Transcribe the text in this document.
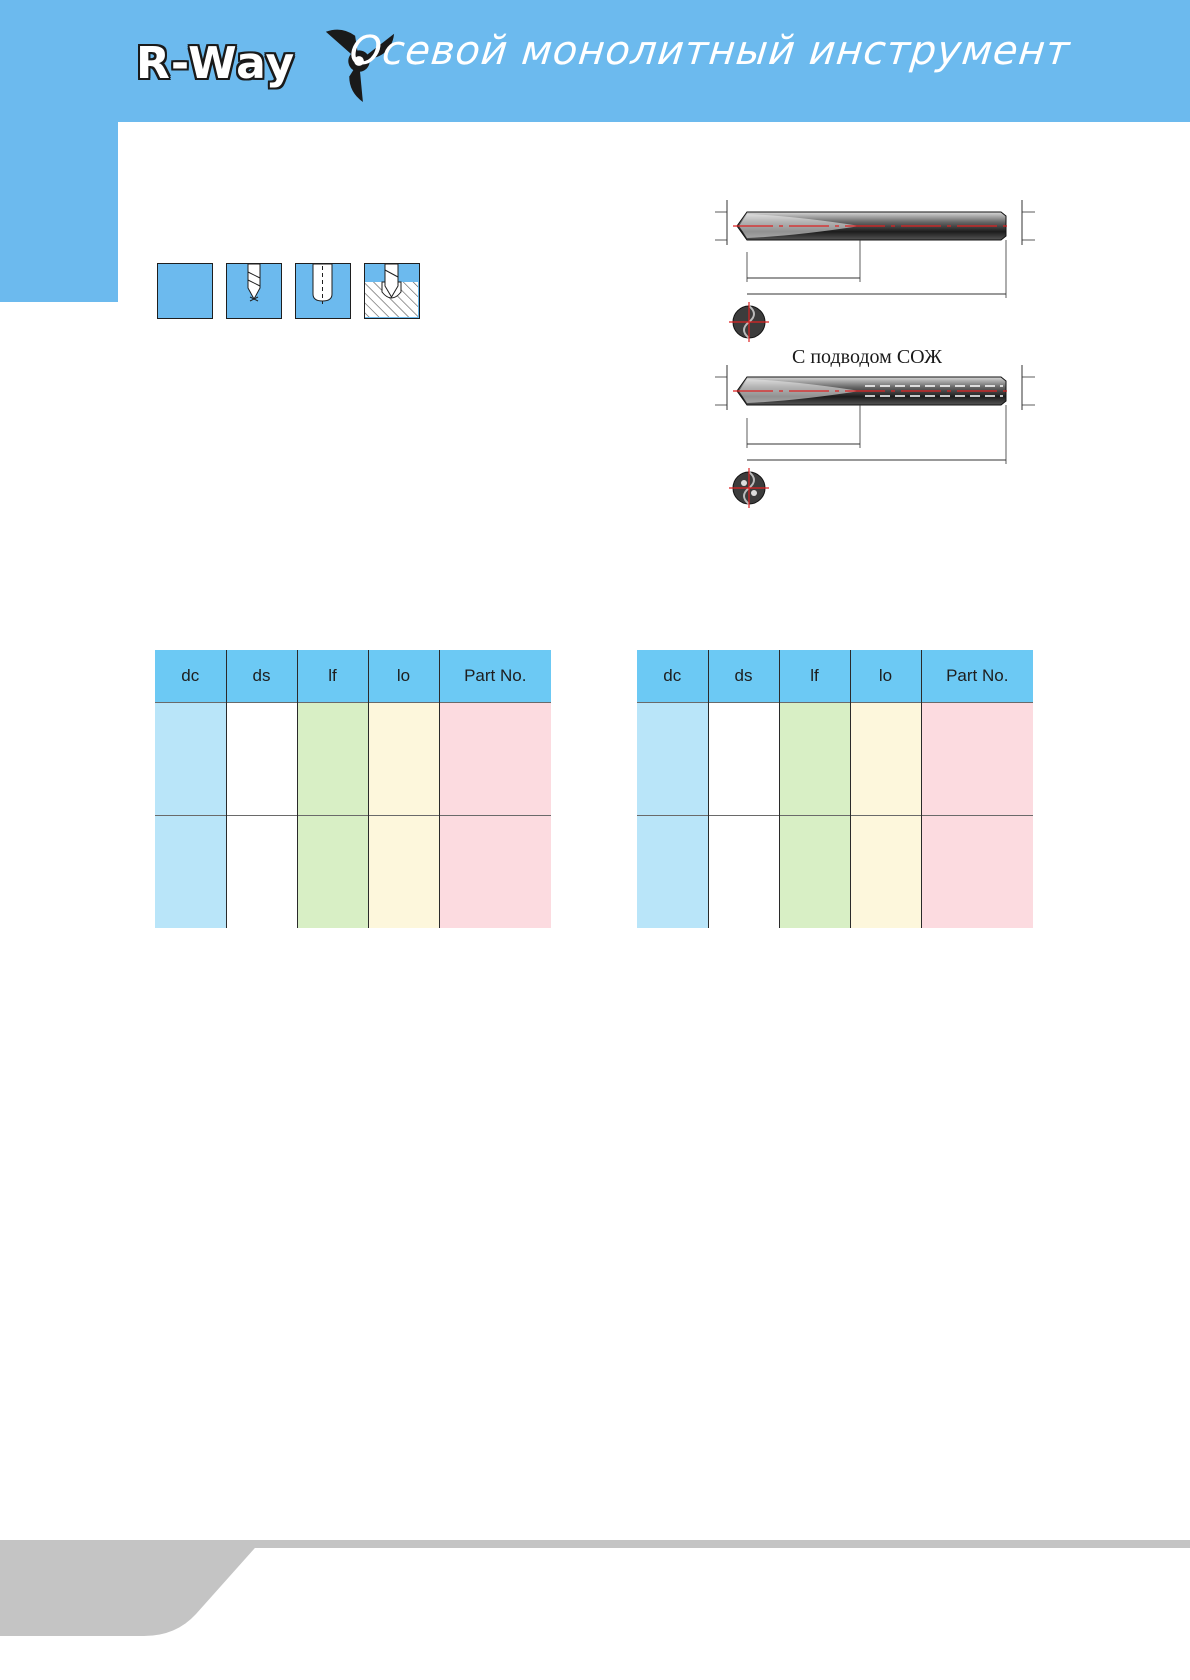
R-Way Осевой монолитный инструмент
С подводом СОЖ
dc	ds	lf	lo	Part No.

					dc	ds	lf	lo	Part No.
